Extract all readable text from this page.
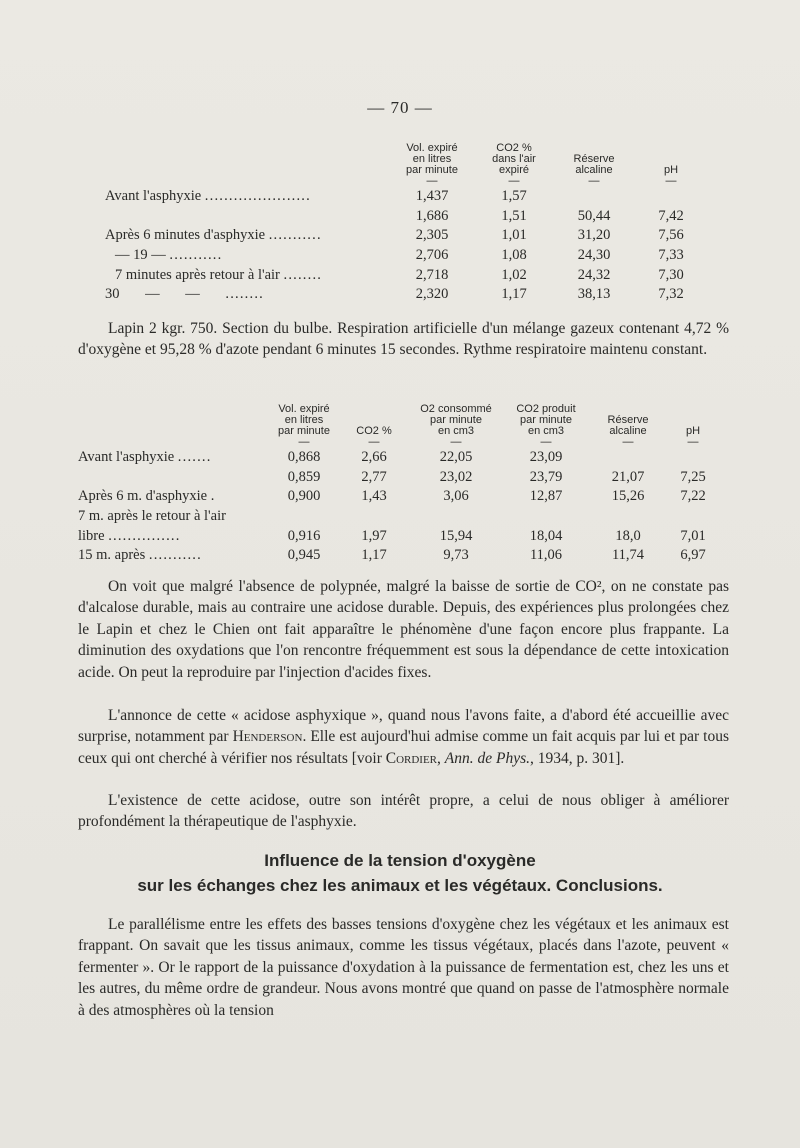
— 70 —
	Vol. expiré
en litres
par minute	CO2 %
dans l'air
expiré	Réserve
alcaline	pH
	—	—	—	—
Avant l'asphyxie ......................	1,437	1,57		
	1,686	1,51	50,44	7,42
Après 6 minutes d'asphyxie ...........	2,305	1,01	31,20	7,56
— 19 — ...........	2,706	1,08	24,30	7,33
7 minutes après retour à l'air ........	2,718	1,02	24,32	7,30
30 — — ........	2,320	1,17	38,13	7,32
Lapin 2 kgr. 750. Section du bulbe. Respiration artificielle d'un mélange gazeux contenant 4,72 % d'oxygène et 95,28 % d'azote pendant 6 minutes 15 secondes. Rythme respiratoire maintenu constant.
	Vol. expiré
en litres
par minute	CO2 %	O2 consommé
par minute
en cm3	CO2 produit
par minute
en cm3	Réserve
alcaline	pH
	—	—	—	—	—	—
Avant l'asphyxie .......	0,868	2,66	22,05	23,09		
	0,859	2,77	23,02	23,79	21,07	7,25
Après 6 m. d'asphyxie .	0,900	1,43	3,06	12,87	15,26	7,22
7 m. après le retour à l'air						
libre ...............	0,916	1,97	15,94	18,04	18,0	7,01
15 m. après ...........	0,945	1,17	9,73	11,06	11,74	6,97
On voit que malgré l'absence de polypnée, malgré la baisse de sortie de CO², on ne constate pas d'alcalose durable, mais au contraire une acidose durable. Depuis, des expériences plus prolongées chez le Lapin et chez le Chien ont fait apparaître le phénomène d'une façon encore plus frappante. La diminution des oxydations que l'on rencontre fréquemment est sous la dépendance de cette intoxication acide. On peut la reproduire par l'injection d'acides fixes.
L'annonce de cette « acidose asphyxique », quand nous l'avons faite, a d'abord été accueillie avec surprise, notamment par Henderson. Elle est aujourd'hui admise comme un fait acquis par lui et par tous ceux qui ont cherché à vérifier nos résultats [voir Cordier, Ann. de Phys., 1934, p. 301].
L'existence de cette acidose, outre son intérêt propre, a celui de nous obliger à améliorer profondément la thérapeutique de l'asphyxie.
Influence de la tension d'oxygène
sur les échanges chez les animaux et les végétaux. Conclusions.
Le parallélisme entre les effets des basses tensions d'oxygène chez les végétaux et les animaux est frappant. On savait que les tissus animaux, comme les tissus végétaux, placés dans l'azote, peuvent « fermenter ». Or le rapport de la puissance d'oxydation à la puissance de fermentation est, chez les uns et les autres, du même ordre de grandeur. Nous avons montré que quand on passe de l'atmosphère normale à des atmosphères où la tension
